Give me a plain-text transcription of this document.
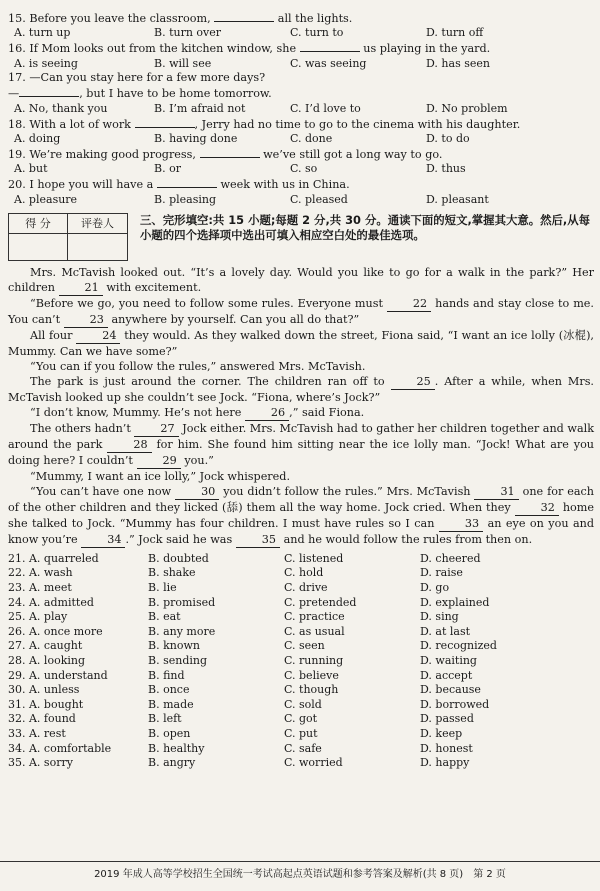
15. Before you leave the classroom,	all the lights.
A. turn up	B. turn over	C. turn to	D. turn off
16. If Mom looks out from the kitchen window, she	us playing in the yard.
A. is seeing	B. will see	C. was seeing	D. has seen
17. —Can you stay here for a few more days?
—	, but I have to be home tomorrow.
A. No, thank you	B. I’m afraid not	C. I’d love to	D. No problem
18. With a lot of work	, Jerry had no time to go to the cinema with his daughter.
A. doing	B. having done	C. done	D. to do
19. We’re making good progress,	we’ve still got a long way to go.
A. but	B. or	C. so	D. thus
20. I hope you will have a	week with us in China.
A. pleasure	B. pleasing	C. pleased	D. pleasant
得 分	评卷人	三、完形填空:共 15 小题;每题 2 分,共 30 分。通读下面的短文,掌握其大意。然后,从每小题的四个选择项中选出可填入相应空白处的最佳选项。

Mrs. McTavish looked out. “It’s a lovely day. Would you like to go for a walk in the park?” Her children	21 with excitement.

“Before we go, you need to follow some rules. Everyone must	22 hands and stay close to me. You can’t	23 anywhere by yourself. Can you all do that?”

All four	24 they would. As they walked down the street, Fiona said, “I want an ice lolly (冰棍), Mummy. Can we have some?”

“You can if you follow the rules,” answered Mrs. McTavish.

The park is just around the corner. The children ran off to	25 . After a while, when Mrs. McTavish looked up she couldn’t see Jock. “Fiona, where’s Jock?”

“I don’t know, Mummy. He’s not here	26 ,” said Fiona.

The others hadn’t	27 Jock either. Mrs. McTavish had to gather her children together and walk around the park	28 for him. She found him sitting near the ice lolly man. “Jock! What are you doing here? I couldn’t	29 you.”

“Mummy, I want an ice lolly,” Jock whispered.

“You can’t have one now	30 you didn’t follow the rules.” Mrs. McTavish	31 one for each of the other children and they licked (舔) them all the way home. Jock cried. When they	32 home she talked to Jock. “Mummy has four children. I must have rules so I can	33 an eye on you and know you’re	34 .” Jock said he was	35 and he would follow the rules from then on.

21. A. quarreled	B. doubted	C. listened	D. cheered
22. A. wash	B. shake	C. hold	D. raise
23. A. meet	B. lie	C. drive	D. go
24. A. admitted	B. promised	C. pretended	D. explained
25. A. play	B. eat	C. practice	D. sing
26. A. once more	B. any more	C. as usual	D. at last
27. A. caught	B. known	C. seen	D. recognized
28. A. looking	B. sending	C. running	D. waiting
29. A. understand	B. find	C. believe	D. accept
30. A. unless	B. once	C. though	D. because
31. A. bought	B. made	C. sold	D. borrowed
32. A. found	B. left	C. got	D. passed
33. A. rest	B. open	C. put	D. keep
34. A. comfortable	B. healthy	C. safe	D. honest
35. A. sorry	B. angry	C. worried	D. happy
2019 年成人高等学校招生全国统一考试高起点英语试题和参考答案及解析(共 8 页)　第 2 页
